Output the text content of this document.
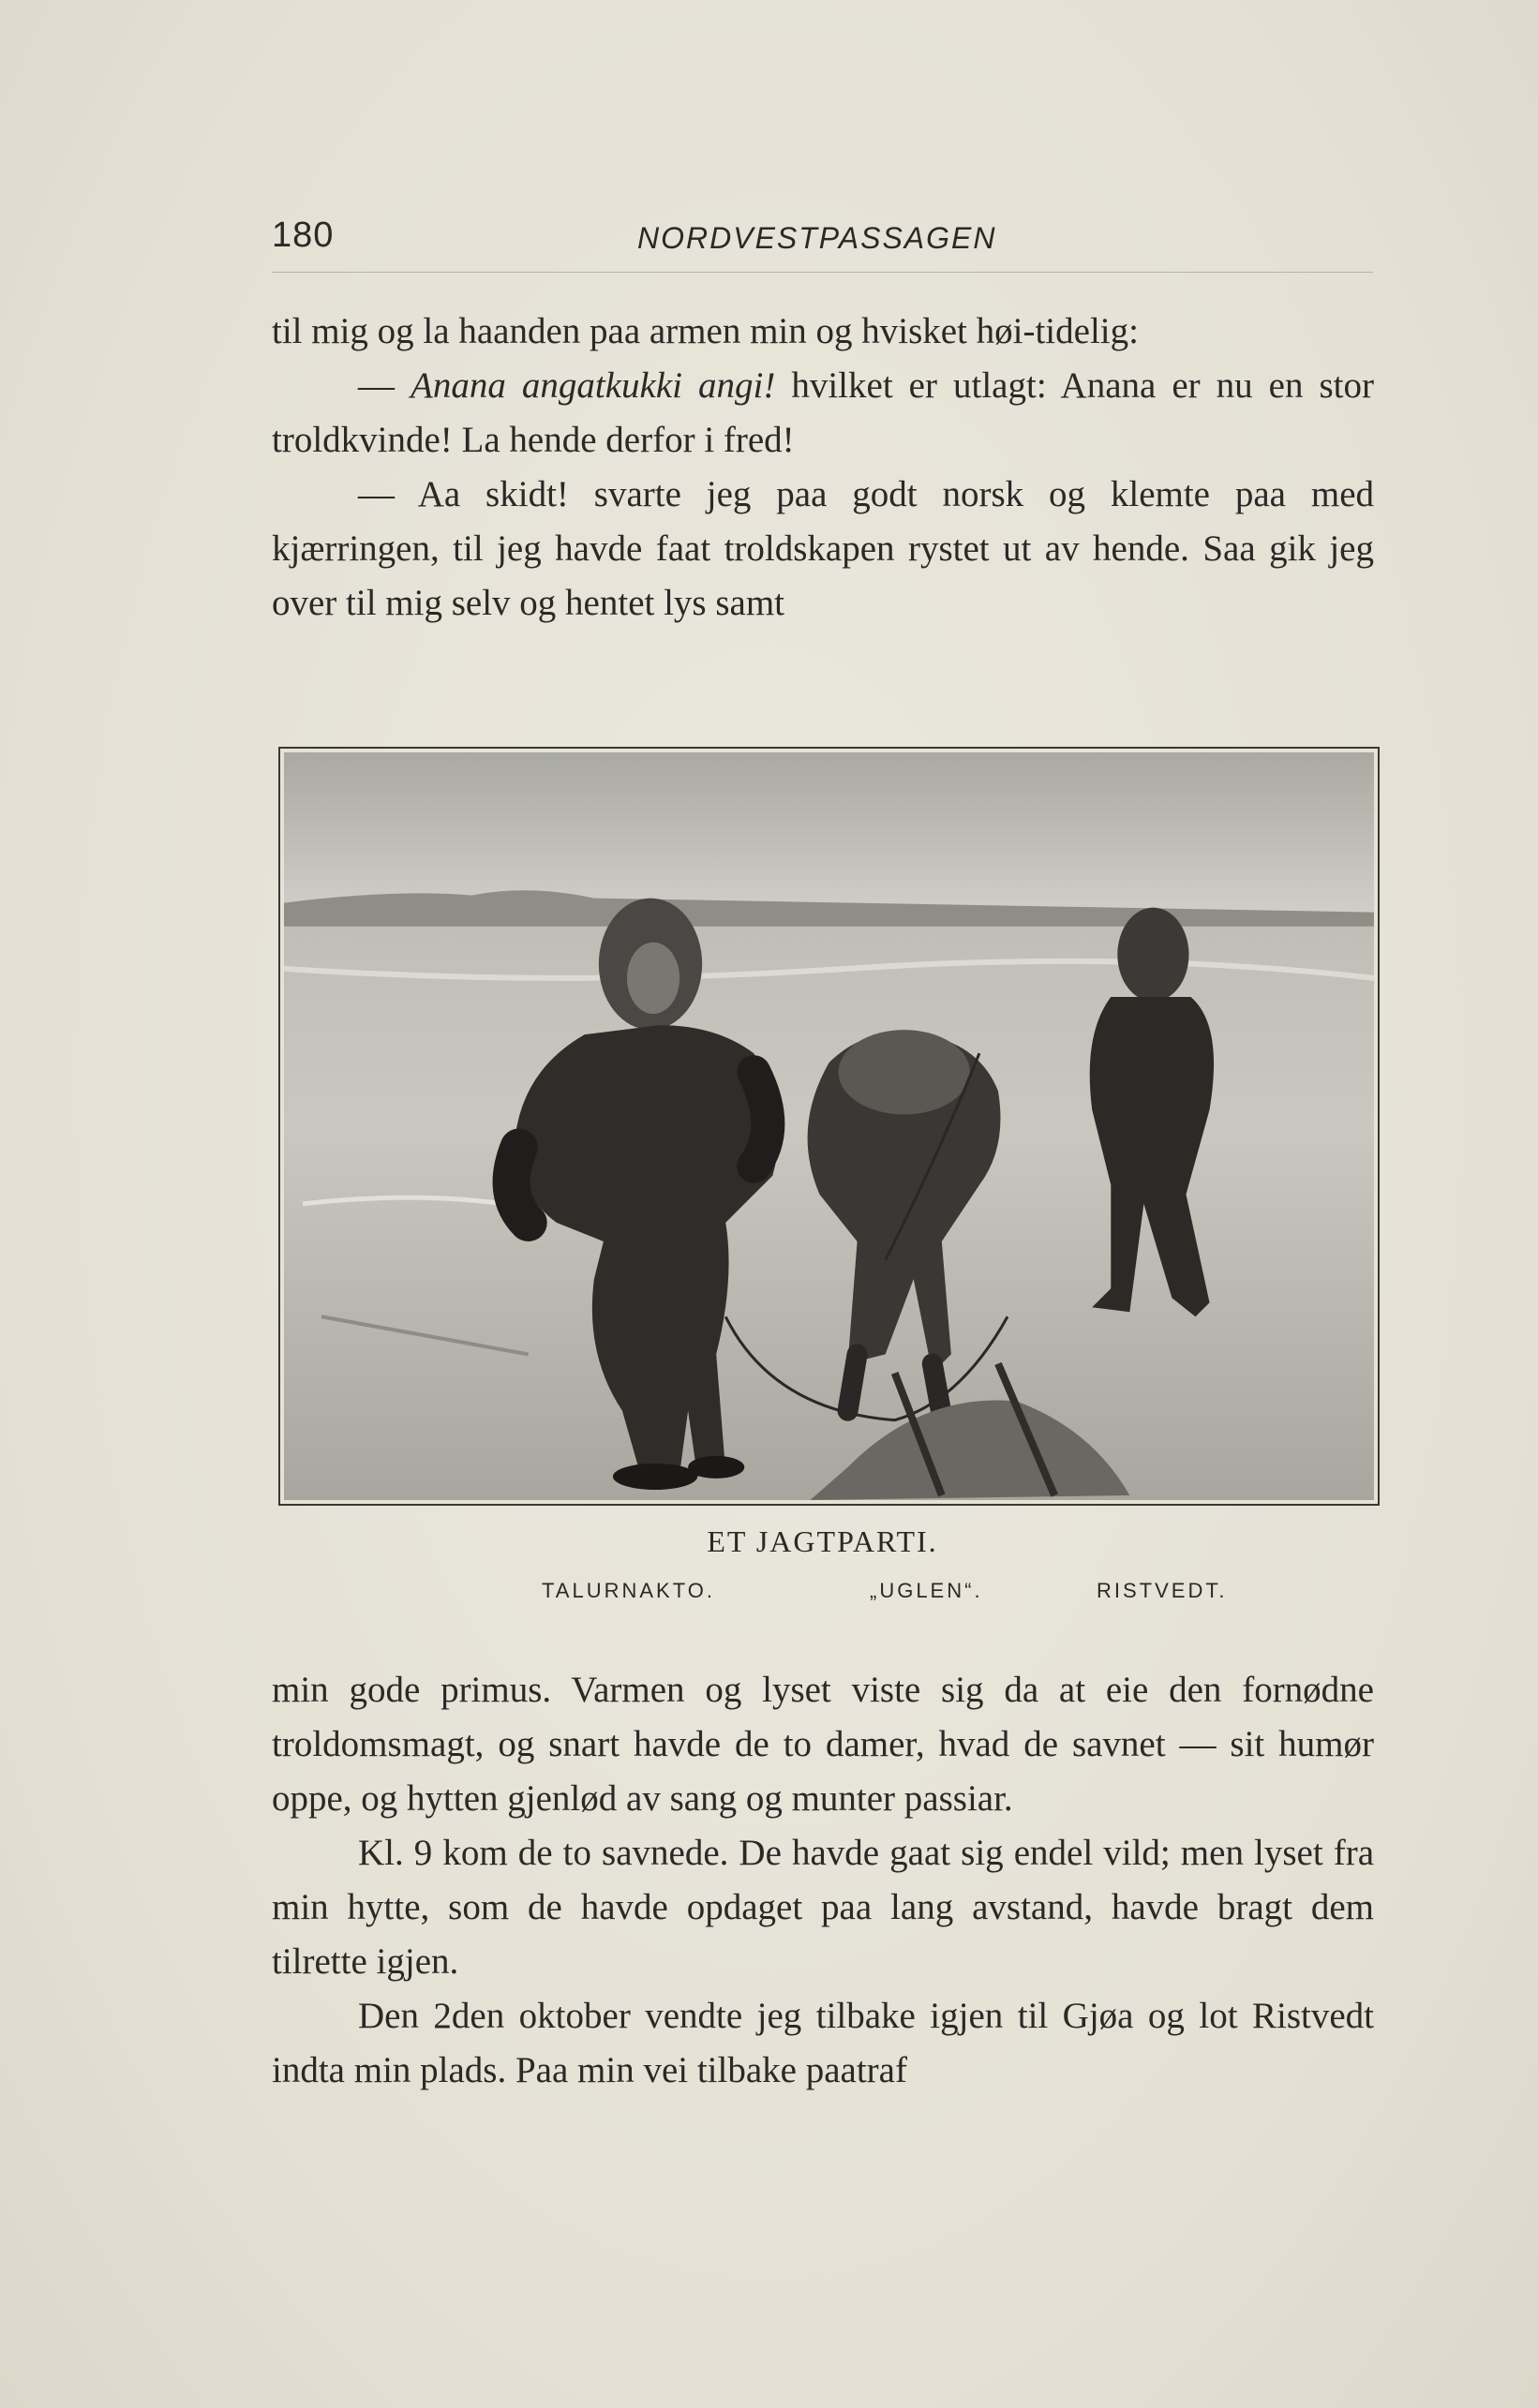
180	NORDVESTPASSAGEN

til mig og la haanden paa armen min og hvisket høi-tidelig:

— Anana angatkukki angi! hvilket er utlagt: Anana er nu en stor troldkvinde! La hende derfor i fred!

— Aa skidt! svarte jeg paa godt norsk og klemte paa med kjærringen, til jeg havde faat troldskapen rystet ut av hende. Saa gik jeg over til mig selv og hentet lys samt

ET JAGTPARTI.
TALURNAKTO.	„UGLEN“.	RISTVEDT.

min gode primus. Varmen og lyset viste sig da at eie den fornødne troldomsmagt, og snart havde de to damer, hvad de savnet — sit humør oppe, og hytten gjenlød av sang og munter passiar.

Kl. 9 kom de to savnede. De havde gaat sig endel vild; men lyset fra min hytte, som de havde opdaget paa lang avstand, havde bragt dem tilrette igjen.

Den 2den oktober vendte jeg tilbake igjen til Gjøa og lot Ristvedt indta min plads. Paa min vei tilbake paatraf
